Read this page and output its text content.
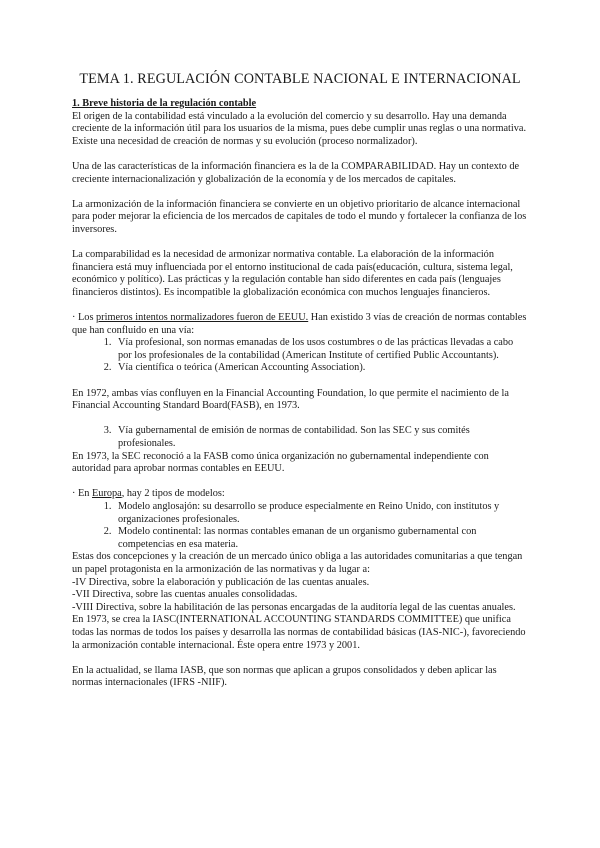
TEMA 1. REGULACIÓN CONTABLE NACIONAL E INTERNACIONAL
1. Breve historia de la regulación contable

El origen de la contabilidad está vinculado a la evolución del comercio y su desarrollo. Hay una demanda creciente de la información útil para los usuarios de la misma, pues debe cumplir unas reglas o una normativa. Existe una necesidad de creación de normas y su evolución (proceso normalizador).

Una de las características de la información financiera es la de la COMPARABILIDAD. Hay un contexto de creciente internacionalización y globalización de la economía y de los mercados de capitales.

La armonización de la información financiera se convierte en un objetivo prioritario de alcance internacional para poder mejorar la eficiencia de los mercados de capitales de todo el mundo y fortalecer la confianza de los inversores.

La comparabilidad es la necesidad de armonizar normativa contable. La elaboración de la información financiera está muy influenciada por el entorno institucional de cada país(educación, cultura, sistema legal, económico y político). Las prácticas y la regulación contable han sido diferentes en cada país (lenguajes financieros distintos). Es incompatible la globalización económica con muchos lenguajes financieros.

· Los primeros intentos normalizadores fueron de EEUU. Han existido 3 vías de creación de normas contables que han confluido en una vía:

1. Vía profesional, son normas emanadas de los usos costumbres o de las prácticas llevadas a cabo por los profesionales de la contabilidad (American Institute of certified Public Accountants).
2. Vía científica o teórica (American Accounting Association).

En 1972, ambas vías confluyen en la Financial Accounting Foundation, lo que permite el nacimiento de la Financial Accounting Standard Board(FASB), en 1973.

3. Vía gubernamental de emisión de normas de contabilidad. Son las SEC y sus comités profesionales.

En 1973, la SEC reconoció a la FASB como única organización no gubernamental independiente con autoridad para aprobar normas contables en EEUU.

· En Europa, hay 2 tipos de modelos:

1. Modelo anglosajón: su desarrollo se produce especialmente en Reino Unido, con institutos y organizaciones profesionales.
2. Modelo continental: las normas contables emanan de un organismo gubernamental con competencias en esa materia.

Estas dos concepciones y la creación de un mercado único obliga a las autoridades comunitarias a que tengan un papel protagonista en la armonización de las normativas y da lugar a:

-IV Directiva, sobre la elaboración y publicación de las cuentas anuales.

-VII Directiva, sobre las cuentas anuales consolidadas.

-VIII Directiva, sobre la habilitación de las personas encargadas de la auditoría legal de las cuentas anuales.

En 1973, se crea la IASC(INTERNATIONAL ACCOUNTING STANDARDS COMMITTEE) que unifica todas las normas de todos los países y desarrolla las normas de contabilidad básicas (IAS-NIC-), favoreciendo la armonización contable internacional. Éste opera entre 1973 y 2001.

En la actualidad, se llama IASB, que son normas que aplican a grupos consolidados y deben aplicar las normas internacionales (IFRS -NIIF).
